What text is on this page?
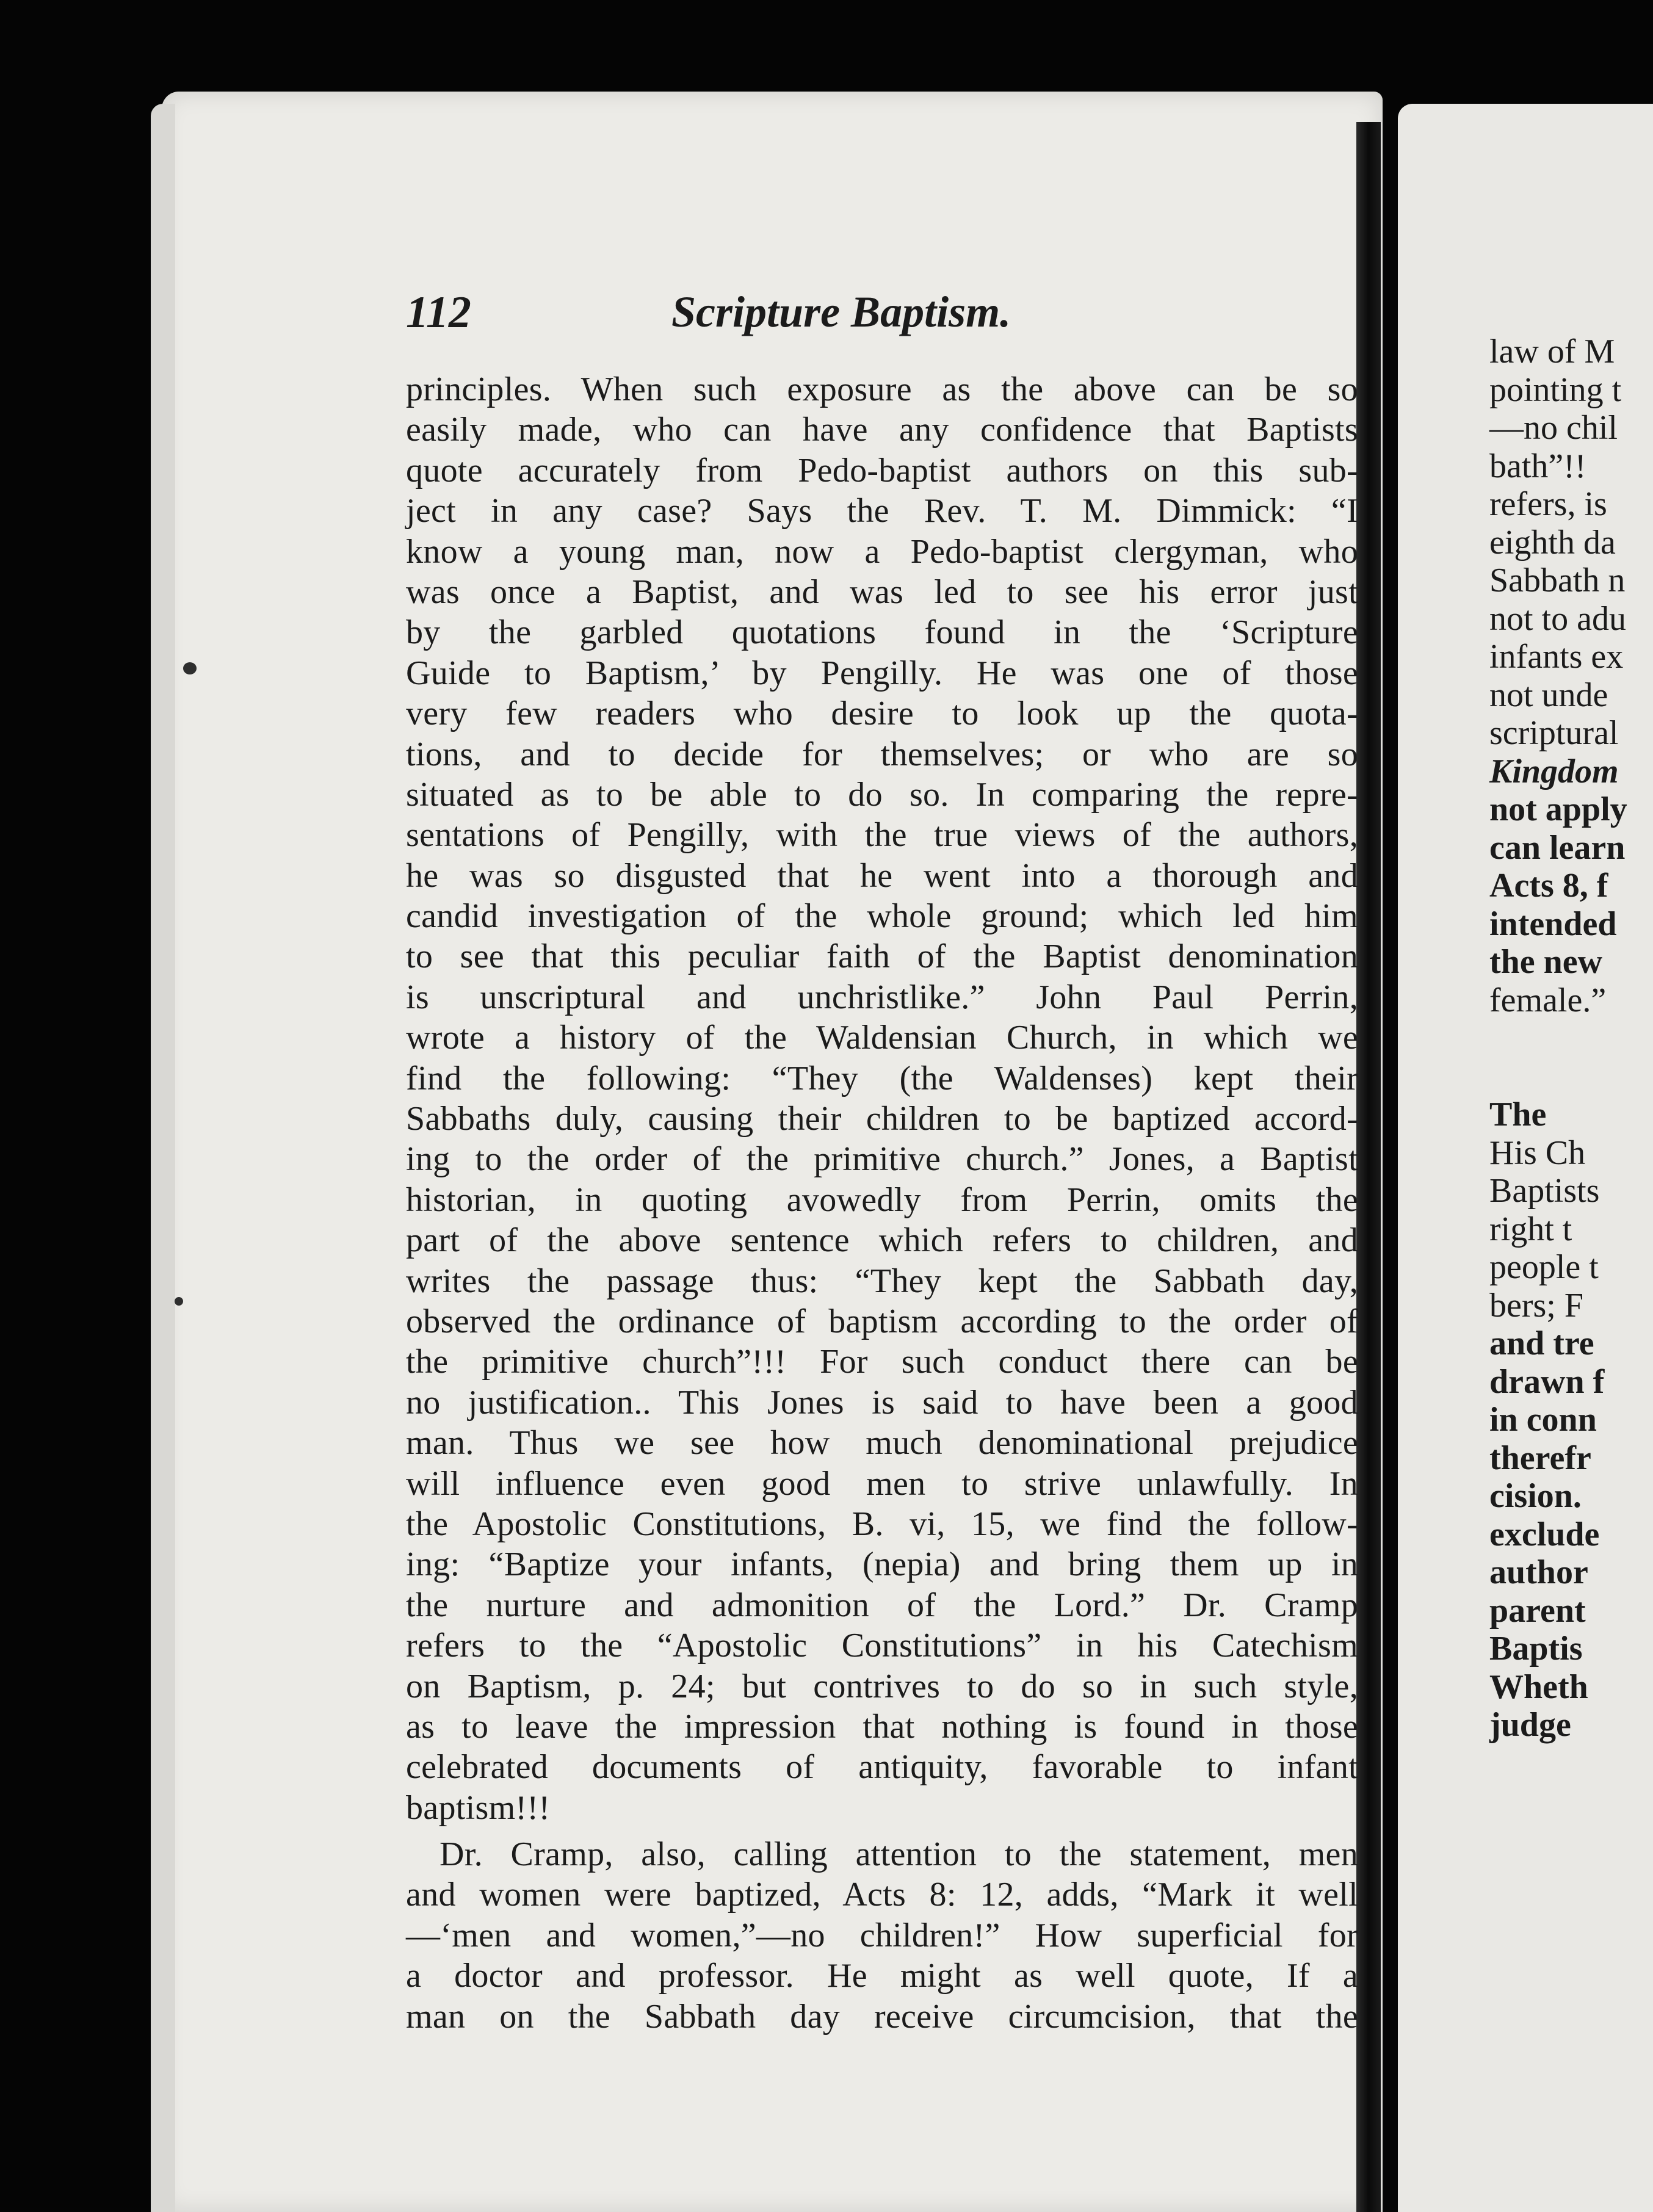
112	Scripture Baptism.
principles. When such exposure as the above can be so
easily made, who can have any confidence that Baptists
quote accurately from Pedo-baptist authors on this sub-
ject in any case? Says the Rev. T. M. Dimmick: “I
know a young man, now a Pedo-baptist clergyman, who
was once a Baptist, and was led to see his error just
by the garbled quotations found in the ‘Scripture
Guide to Baptism,’ by Pengilly. He was one of those
very few readers who desire to look up the quota-
tions, and to decide for themselves; or who are so
situated as to be able to do so. In comparing the repre-
sentations of Pengilly, with the true views of the authors,
he was so disgusted that he went into a thorough and
candid investigation of the whole ground; which led him
to see that this peculiar faith of the Baptist denomination
is unscriptural and unchristlike.” John Paul Perrin,
wrote a history of the Waldensian Church, in which we
find the following: “They (the Waldenses) kept their
Sabbaths duly, causing their children to be baptized accord-
ing to the order of the primitive church.” Jones, a Baptist
historian, in quoting avowedly from Perrin, omits the
part of the above sentence which refers to children, and
writes the passage thus: “They kept the Sabbath day,
observed the ordinance of baptism according to the order of
the primitive church”!!! For such conduct there can be
no justification.. This Jones is said to have been a good
man. Thus we see how much denominational prejudice
will influence even good men to strive unlawfully. In
the Apostolic Constitutions, B. vi, 15, we find the follow-
ing: “Baptize your infants, (nepia) and bring them up in
the nurture and admonition of the Lord.” Dr. Cramp
refers to the “Apostolic Constitutions” in his Catechism
on Baptism, p. 24; but contrives to do so in such style,
as to leave the impression that nothing is found in those
celebrated documents of antiquity, favorable to infant
baptism!!!
Dr. Cramp, also, calling attention to the statement, men
and women were baptized, Acts 8: 12, adds, “Mark it well
—‘men and women,”—no children!” How superficial for
a doctor and professor. He might as well quote, If a
man on the Sabbath day receive circumcision, that the
law of M
pointing t
—no chil
bath”!!
refers, is
eighth da
Sabbath n
not to adu
infants ex
not unde
scriptural
Kingdom
not apply
can learn
Acts 8, f
intended
the new
female.”
The
His Ch
Baptists
right t
people t
bers; F
and tre
drawn f
in conn
therefr
cision.
exclude
author
parent
Baptis
Wheth
judge
